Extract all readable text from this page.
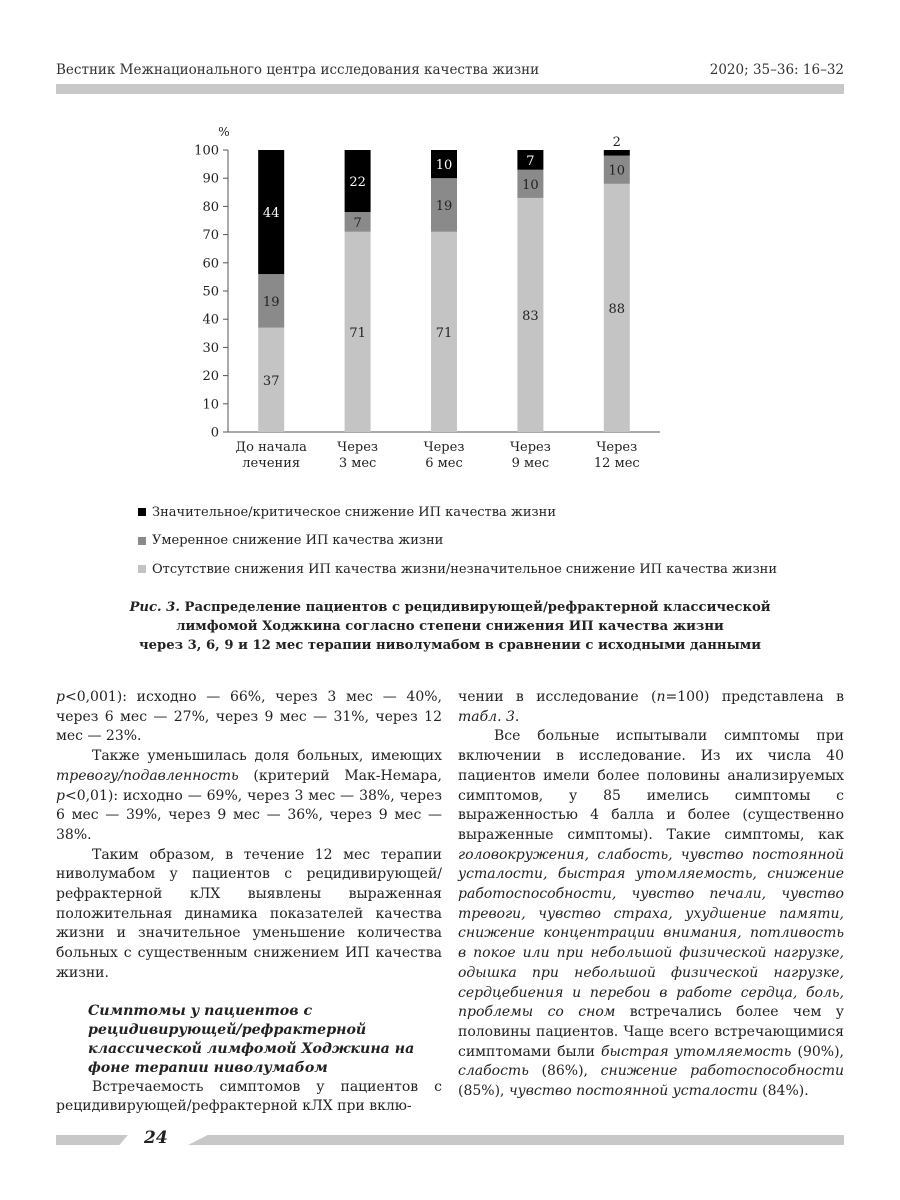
Вестник Межнационального центра исследования качества жизни	2020; 35–36: 16–32
0
10
20
30
40
50
60
70
80
90
100
%
37
19
44
До начала
лечения
71
7
22
Через
3 мес
71
19
10
Через
6 мес
83
10
7
Через
9 мес
88
10
2
Через
12 мес
Значительное/критическое снижение ИП качества жизни
Умеренное снижение ИП качества жизни
Отсутствие снижения ИП качества жизни/незначительное снижение ИП качества жизни
Рис. 3. Распределение пациентов с рецидивирующей/рефрактерной классической
лимфомой Ходжкина согласно степени снижения ИП качества жизни
через 3, 6, 9 и 12 мес терапии ниволумабом в сравнении с исходными данными

p<0,001): исходно — 66%, через 3 мес — 40%, через 6 мес — 27%, через 9 мес — 31%, через 12 мес — 23%.

Также уменьшилась доля больных, имеющих тревогу/подавленность (критерий Мак-Немара, p<0,01): исходно — 69%, через 3 мес — 38%, через 6 мес — 39%, через 9 мес — 36%, через 9 мес — 38%.

Таким образом, в течение 12 мес терапии ниволумабом у пациентов с рецидивирующей/рефрактерной кЛХ выявлены выраженная положительная динамика показателей качества жизни и значительное уменьшение количества больных с существенным снижением ИП качества жизни.

Симптомы у пациентов с рецидивирующей/рефрактерной классической лимфомой Ходжкина на фоне терапии ниволумабом

Встречаемость симптомов у пациентов с рецидивирующей/рефрактерной кЛХ при вклю-

чении в исследование (n=100) представлена в табл. 3.

Все больные испытывали симптомы при включении в исследование. Из их числа 40 пациентов имели более половины анализируемых симптомов, у 85 имелись симптомы с выраженностью 4 балла и более (существенно выраженные симптомы). Такие симптомы, как головокружения, слабость, чувство постоянной усталости, быстрая утомляемость, снижение работоспособности, чувство печали, чувство тревоги, чувство страха, ухудшение памяти, снижение концентрации внимания, потливость в покое или при небольшой физической нагрузке, одышка при небольшой физической нагрузке, сердцебиения и перебои в работе сердца, боль, проблемы со сном встречались более чем у половины пациентов. Чаще всего встречающимися симптомами были быстрая утомляемость (90%), слабость (86%), снижение работоспособности (85%), чувство постоянной усталости (84%).

24
